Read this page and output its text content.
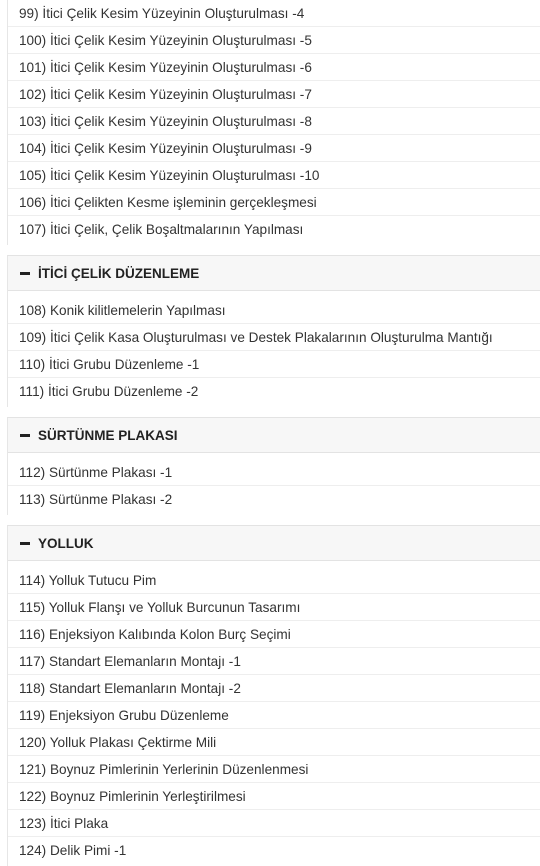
99) İtici Çelik Kesim Yüzeyinin Oluşturulması -4
100) İtici Çelik Kesim Yüzeyinin Oluşturulması -5
101) İtici Çelik Kesim Yüzeyinin Oluşturulması -6
102) İtici Çelik Kesim Yüzeyinin Oluşturulması -7
103) İtici Çelik Kesim Yüzeyinin Oluşturulması -8
104) İtici Çelik Kesim Yüzeyinin Oluşturulması -9
105) İtici Çelik Kesim Yüzeyinin Oluşturulması -10
106) İtici Çelikten Kesme işleminin gerçekleşmesi
107) İtici Çelik, Çelik Boşaltmalarının Yapılması
İTİCİ ÇELİK DÜZENLEME
108) Konik kilitlemelerin Yapılması
109) İtici Çelik Kasa Oluşturulması ve Destek Plakalarının Oluşturulma Mantığı
110) İtici Grubu Düzenleme -1
111) İtici Grubu Düzenleme -2
SÜRTÜNME PLAKASI
112) Sürtünme Plakası -1
113) Sürtünme Plakası -2
YOLLUK
114) Yolluk Tutucu Pim
115) Yolluk Flanşı ve Yolluk Burcunun Tasarımı
116) Enjeksiyon Kalıbında Kolon Burç Seçimi
117) Standart Elemanların Montajı -1
118) Standart Elemanların Montajı -2
119) Enjeksiyon Grubu Düzenleme
120) Yolluk Plakası Çektirme Mili
121) Boynuz Pimlerinin Yerlerinin Düzenlenmesi
122) Boynuz Pimlerinin Yerleştirilmesi
123) İtici Plaka
124) Delik Pimi -1
